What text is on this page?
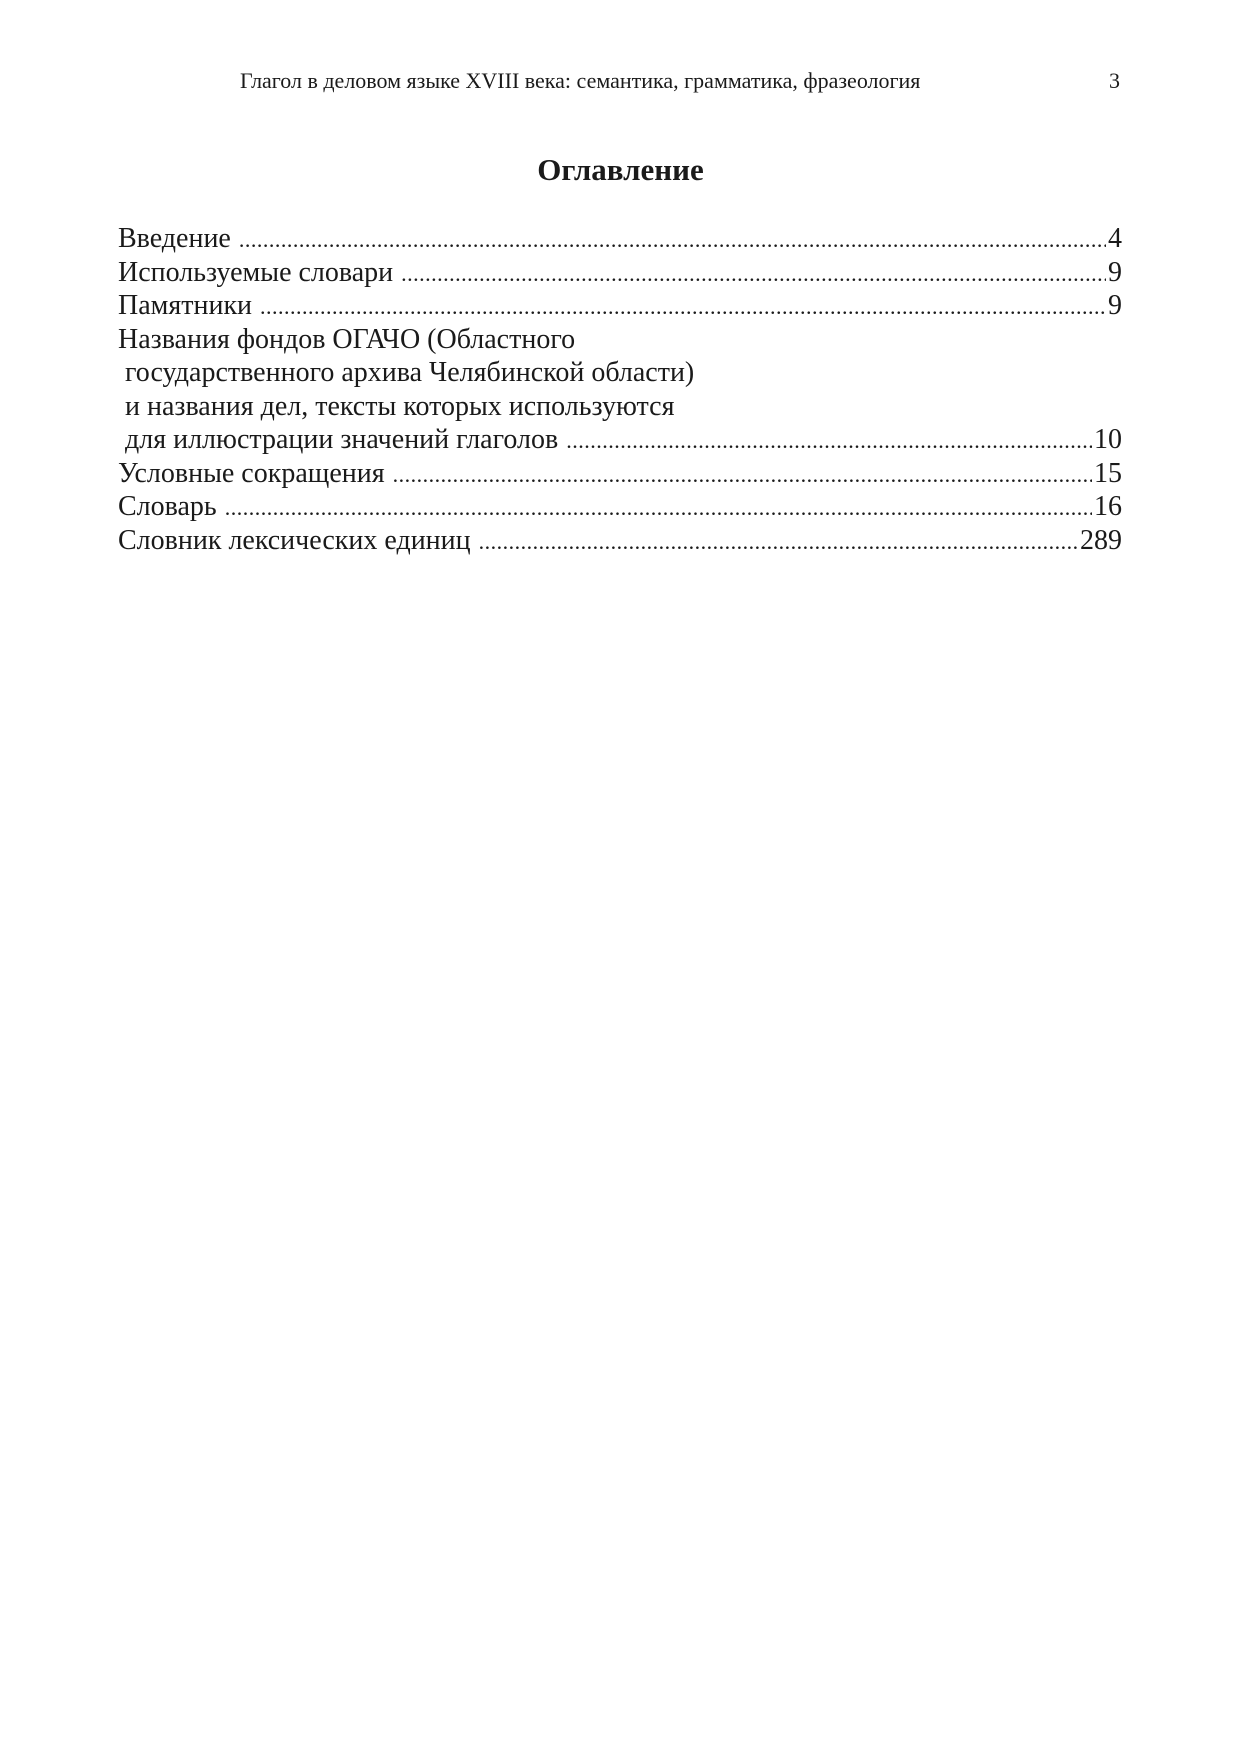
Глагол в деловом языке XVIII века: семантика, грамматика, фразеология	3
Оглавление
Введение .....	4
Используемые словари .....	9
Памятники .....	9
Названия фондов ОГАЧО (Областного
государственного архива Челябинской области)
и названия дел, тексты которых используются
для иллюстрации значений глаголов .....	10
Условные сокращения .....	15
Словарь .....	16
Словник лексических единиц .....	289
